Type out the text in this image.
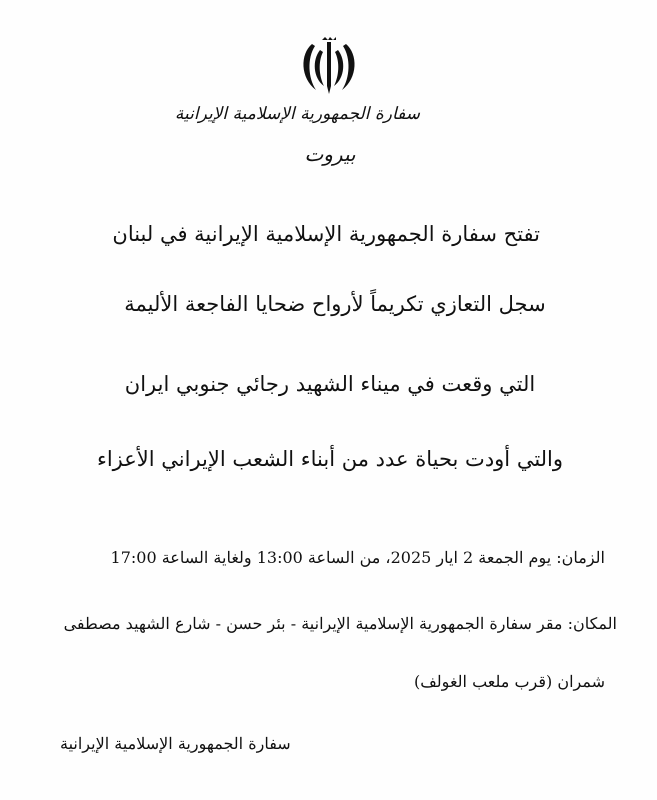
سفارة الجمهورية الإسلامية الإيرانية
بيروت
تفتح سفارة الجمهورية الإسلامية الإيرانية في لبنان
سجل التعازي تكريماً لأرواح ضحايا الفاجعة الأليمة
التي وقعت في ميناء الشهيد رجائي جنوبي ايران
والتي أودت بحياة عدد من أبناء الشعب الإيراني الأعزاء
الزمان: يوم الجمعة 2 ايار 2025، من الساعة 13:00 ولغاية الساعة 17:00
المكان: مقر سفارة الجمهورية الإسلامية الإيرانية - بئر حسن - شارع الشهيد مصطفى
شمران (قرب ملعب الغولف)
سفارة الجمهورية الإسلامية الإيرانية
